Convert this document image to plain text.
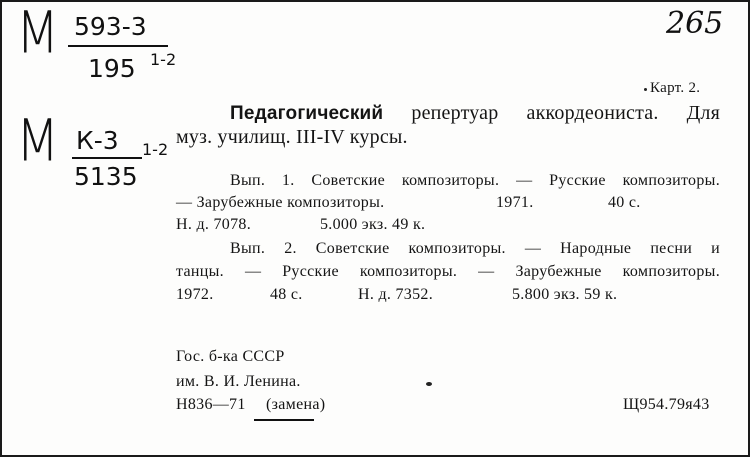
М 593-3
195 1-2
М К-3
5135
1-2
265
Карт. 2.
Педагогический репертуар аккордеониста. Для
муз. училищ. III-IV курсы.
Вып. 1. Советские композиторы. — Русские композиторы.
— Зарубежные композиторы.	1971.	40 с.
Н. д. 7078.	5.000 экз. 49 к.
Вып. 2. Советские композиторы. — Народные песни и
танцы. — Русские композиторы. — Зарубежные композиторы.
1972.	48 с.	Н. д. 7352.	5.800 экз. 59 к.
Гос. б-ка СССР
им. В. И. Ленина.
Н836—71 (замена)	Щ954.79я43
